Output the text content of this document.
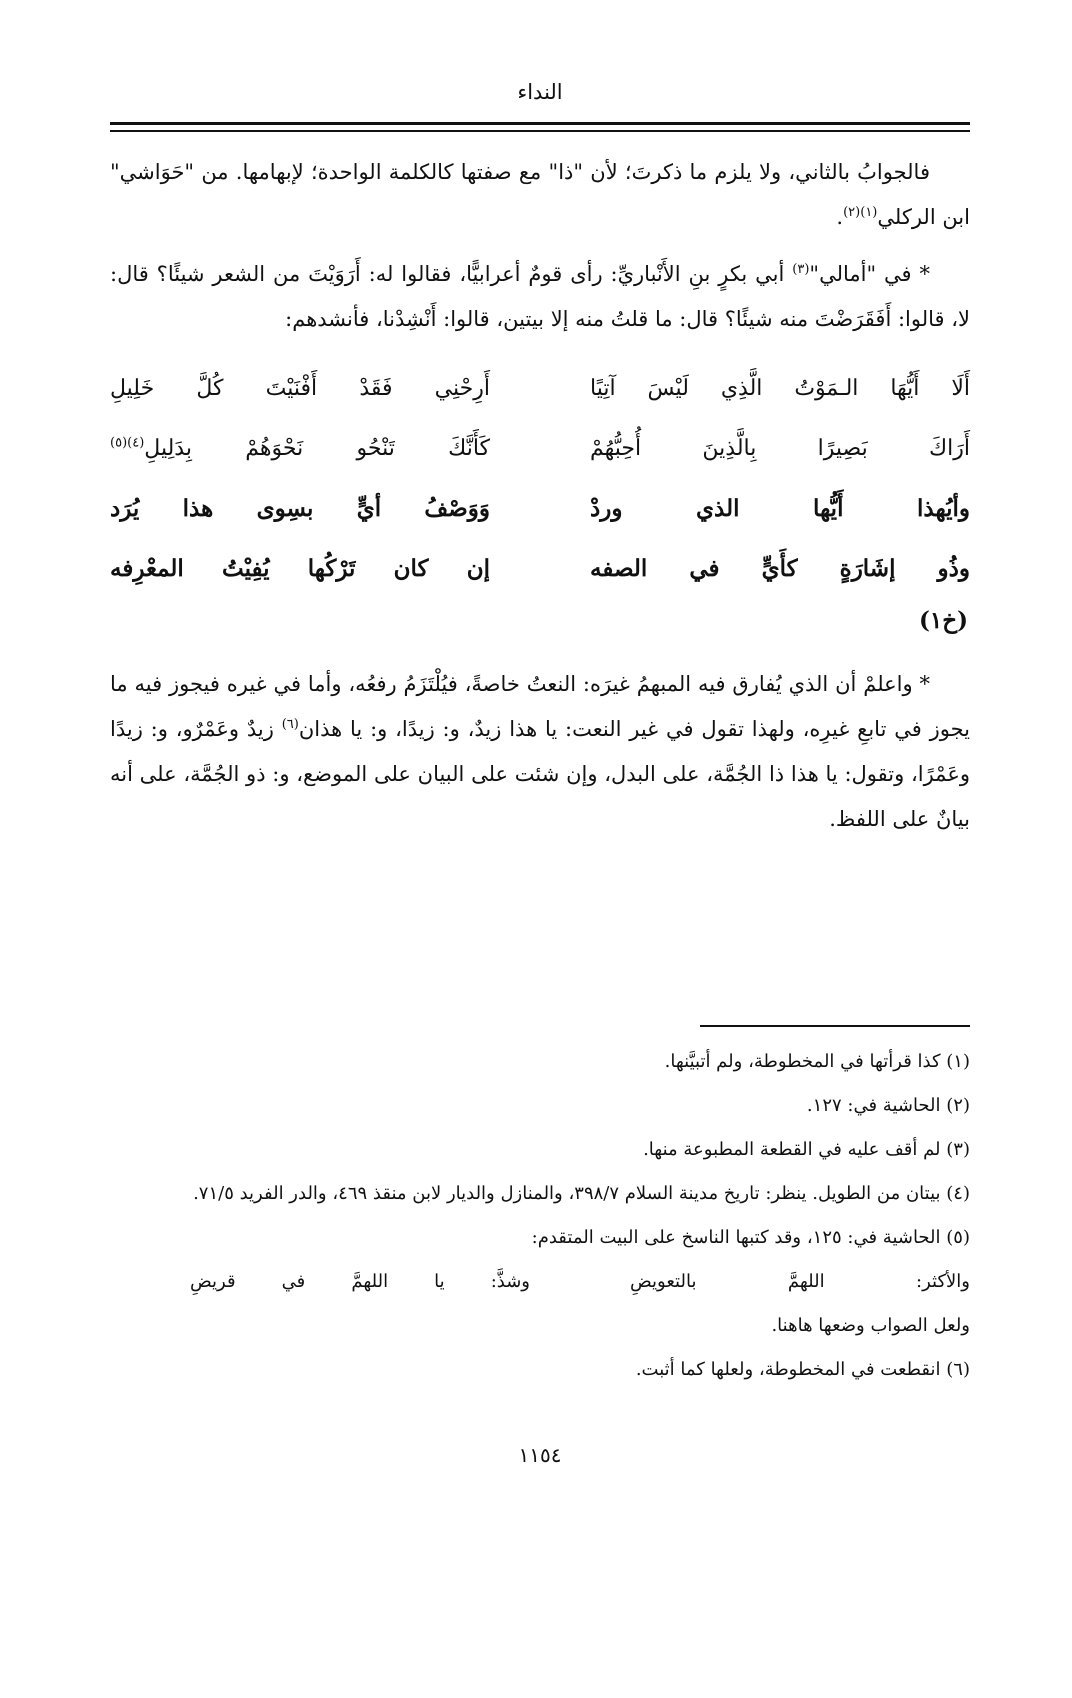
النداء

فالجوابُ بالثاني، ولا يلزم ما ذكرتَ؛ لأن "ذا" مع صفتها كالكلمة الواحدة؛ لإبهامها. من "حَوَاشي" ابن الركلي$^{(١)(٢)}$.

* في "أمالي"$^{(٣)}$ أبي بكرٍ بنِ الأَنْباريِّ: رأى قومٌ أعرابيًّا، فقالوا له: أَرَوَيْتَ من الشعر شيئًا؟ قال: لا، قالوا: أَفَقَرَضْتَ منه شيئًا؟ قال: ما قلتُ منه إلا بيتين، قالوا: أَنْشِدْنا، فأنشدهم:

أَلَا أَيُّهَا الـمَوْتُ الَّذِي لَيْسَ آتِيًا
أَرِحْنِي فَقَدْ أَفْنَيْتَ كُلَّ خَلِيلِ
أَرَاكَ بَصِيرًا بِالَّذِينَ أُحِبُّهُمْ
كَأَنَّكَ تَنْحُو نَحْوَهُمْ بِدَلِيلِ$^{(٤)(٥)}$
وأيُهذا أَيُّها الذي وردْ
وَوَصْفُ أيٍّ بسِوى هذا يُرَد
وذُو إشَارَةٍ كأَيٍّ في الصفه
إن كان تَرْكُها يُفِيْتُ المعْرِفه
(خ١)

* واعلمْ أن الذي يُفارق فيه المبهمُ غيرَه: النعتُ خاصةً، فيُلْتَزَمُ رفعُه، وأما في غيره فيجوز فيه ما يجوز في تابعِ غيرِه، ولهذا تقول في غير النعت: يا هذا زيدٌ، و: زيدًا، و: يا هذان$^{(٦)}$ زيدٌ وعَمْرٌو، و: زيدًا وعَمْرًا، وتقول: يا هذا ذا الجُمَّة، على البدل، وإن شئت على البيان على الموضع، و: ذو الجُمَّة، على أنه بيانٌ على اللفظ.

(١) كذا قرأتها في المخطوطة، ولم أتبيَّنها.

(٢) الحاشية في: ١٢٧.

(٣) لم أقف عليه في القطعة المطبوعة منها.

(٤) بيتان من الطويل. ينظر: تاريخ مدينة السلام ٣٩٨/٧، والمنازل والديار لابن منقذ ٤٦٩، والدر الفريد ٧١/٥.

(٥) الحاشية في: ١٢٥، وقد كتبها الناسخ على البيت المتقدم:

والأكثر: اللهمَّ بالتعويضِ
وشذَّ: يا اللهمَّ في قريضِ

ولعل الصواب وضعها هاهنا.

(٦) انقطعت في المخطوطة، ولعلها كما أثبت.

١١٥٤
